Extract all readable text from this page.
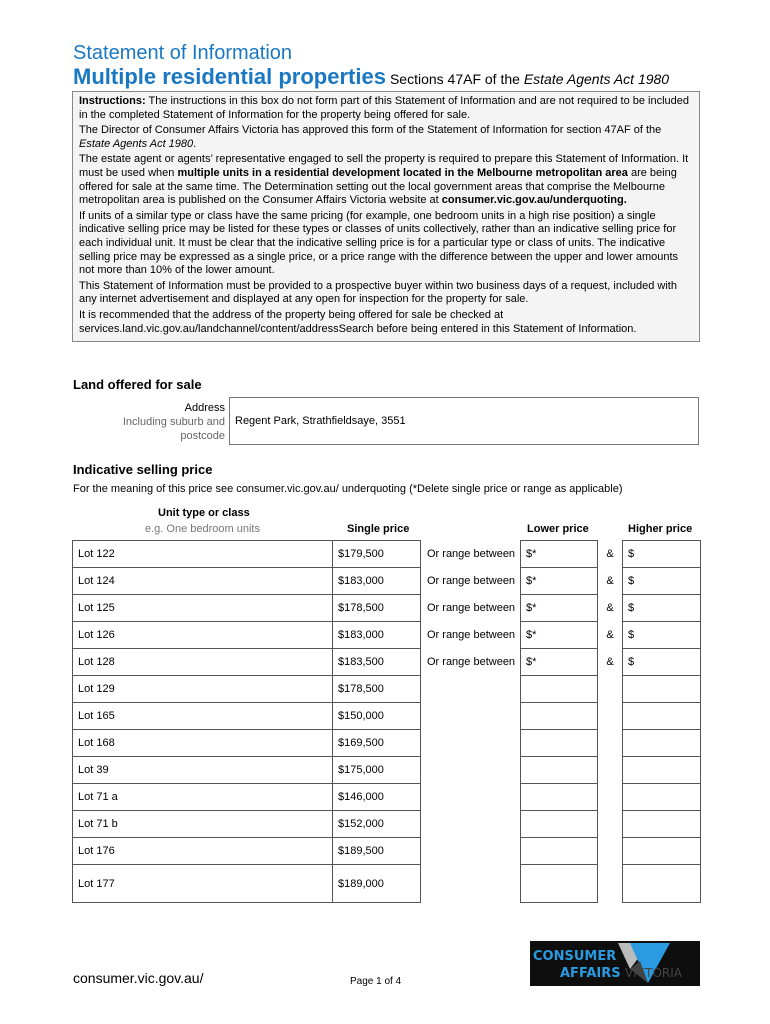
Statement of Information
Multiple residential properties Sections 47AF of the Estate Agents Act 1980

Instructions: The instructions in this box do not form part of this Statement of Information and are not required to be included in the completed Statement of Information for the property being offered for sale.

The Director of Consumer Affairs Victoria has approved this form of the Statement of Information for section 47AF of the Estate Agents Act 1980.

The estate agent or agents’ representative engaged to sell the property is required to prepare this Statement of Information. It must be used when multiple units in a residential development located in the Melbourne metropolitan area are being offered for sale at the same time. The Determination setting out the local government areas that comprise the Melbourne metropolitan area is published on the Consumer Affairs Victoria website at consumer.vic.gov.au/underquoting.

If units of a similar type or class have the same pricing (for example, one bedroom units in a high rise position) a single indicative selling price may be listed for these types or classes of units collectively, rather than an indicative selling price for each individual unit. It must be clear that the indicative selling price is for a particular type or class of units. The indicative selling price may be expressed as a single price, or a price range with the difference between the upper and lower amounts not more than 10% of the lower amount.

This Statement of Information must be provided to a prospective buyer within two business days of a request, included with any internet advertisement and displayed at any open for inspection for the property for sale.

It is recommended that the address of the property being offered for sale be checked at services.land.vic.gov.au/landchannel/content/addressSearch before being entered in this Statement of Information.

Land offered for sale
Address
Including suburb and postcode
Regent Park, Strathfieldsaye, 3551
Indicative selling price
For the meaning of this price see consumer.vic.gov.au/ underquoting (*Delete single price or range as applicable)
Unit type or class
e.g. One bedroom units	Single price	Lower price	Higher price
Lot 122	$179,500	Or range between	$*	&	$
Lot 124	$183,000	Or range between	$*	&	$
Lot 125	$178,500	Or range between	$*	&	$
Lot 126	$183,000	Or range between	$*	&	$
Lot 128	$183,500	Or range between	$*	&	$
Lot 129	$178,500				
Lot 165	$150,000				
Lot 168	$169,500				
Lot 39	$175,000				
Lot 71 a	$146,000				
Lot 71 b	$152,000				
Lot 176	$189,500				
Lot 177	$189,000				
consumer.vic.gov.au/	Page 1 of 4
CONSUMER
AFFAIRS VICTORIA
